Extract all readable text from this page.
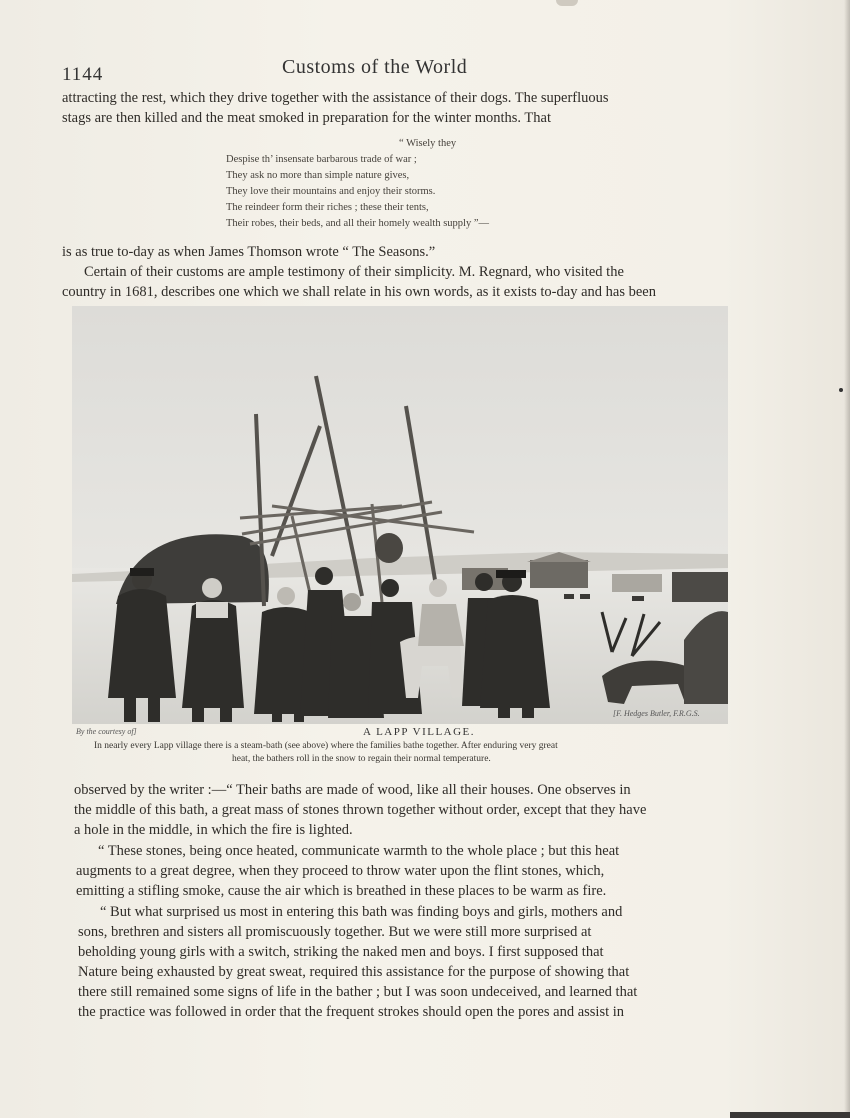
1144	Customs of the World

attracting the rest, which they drive together with the assistance of their dogs. The superfluous
stags are then killed and the meat smoked in preparation for the winter months. That

“ Wisely they
Despise th’ insensate barbarous trade of war ;
They ask no more than simple nature gives,
They love their mountains and enjoy their storms.
The reindeer form their riches ; these their tents,
Their robes, their beds, and all their homely wealth supply ”—

is as true to-day as when James Thomson wrote “ The Seasons.”
Certain of their customs are ample testimony of their simplicity. M. Regnard, who visited the
country in 1681, describes one which we shall relate in his own words, as it exists to-day and has been

By the courtesy of]
[F. Hedges Butler, F.R.G.S.
A LAPP VILLAGE.
In nearly every Lapp village there is a steam-bath (see above) where the families bathe together. After enduring very great
heat, the bathers roll in the snow to regain their normal temperature.

observed by the writer :—“ Their baths are made of wood, like all their houses. One observes in
the middle of this bath, a great mass of stones thrown together without order, except that they have
a hole in the middle, in which the fire is lighted.

“ These stones, being once heated, communicate warmth to the whole place ; but this heat
augments to a great degree, when they proceed to throw water upon the flint stones, which,
emitting a stifling smoke, cause the air which is breathed in these places to be warm as fire.

“ But what surprised us most in entering this bath was finding boys and girls, mothers and
sons, brethren and sisters all promiscuously together. But we were still more surprised at
beholding young girls with a switch, striking the naked men and boys. I first supposed that
Nature being exhausted by great sweat, required this assistance for the purpose of showing that
there still remained some signs of life in the bather ; but I was soon undeceived, and learned that
the practice was followed in order that the frequent strokes should open the pores and assist in
